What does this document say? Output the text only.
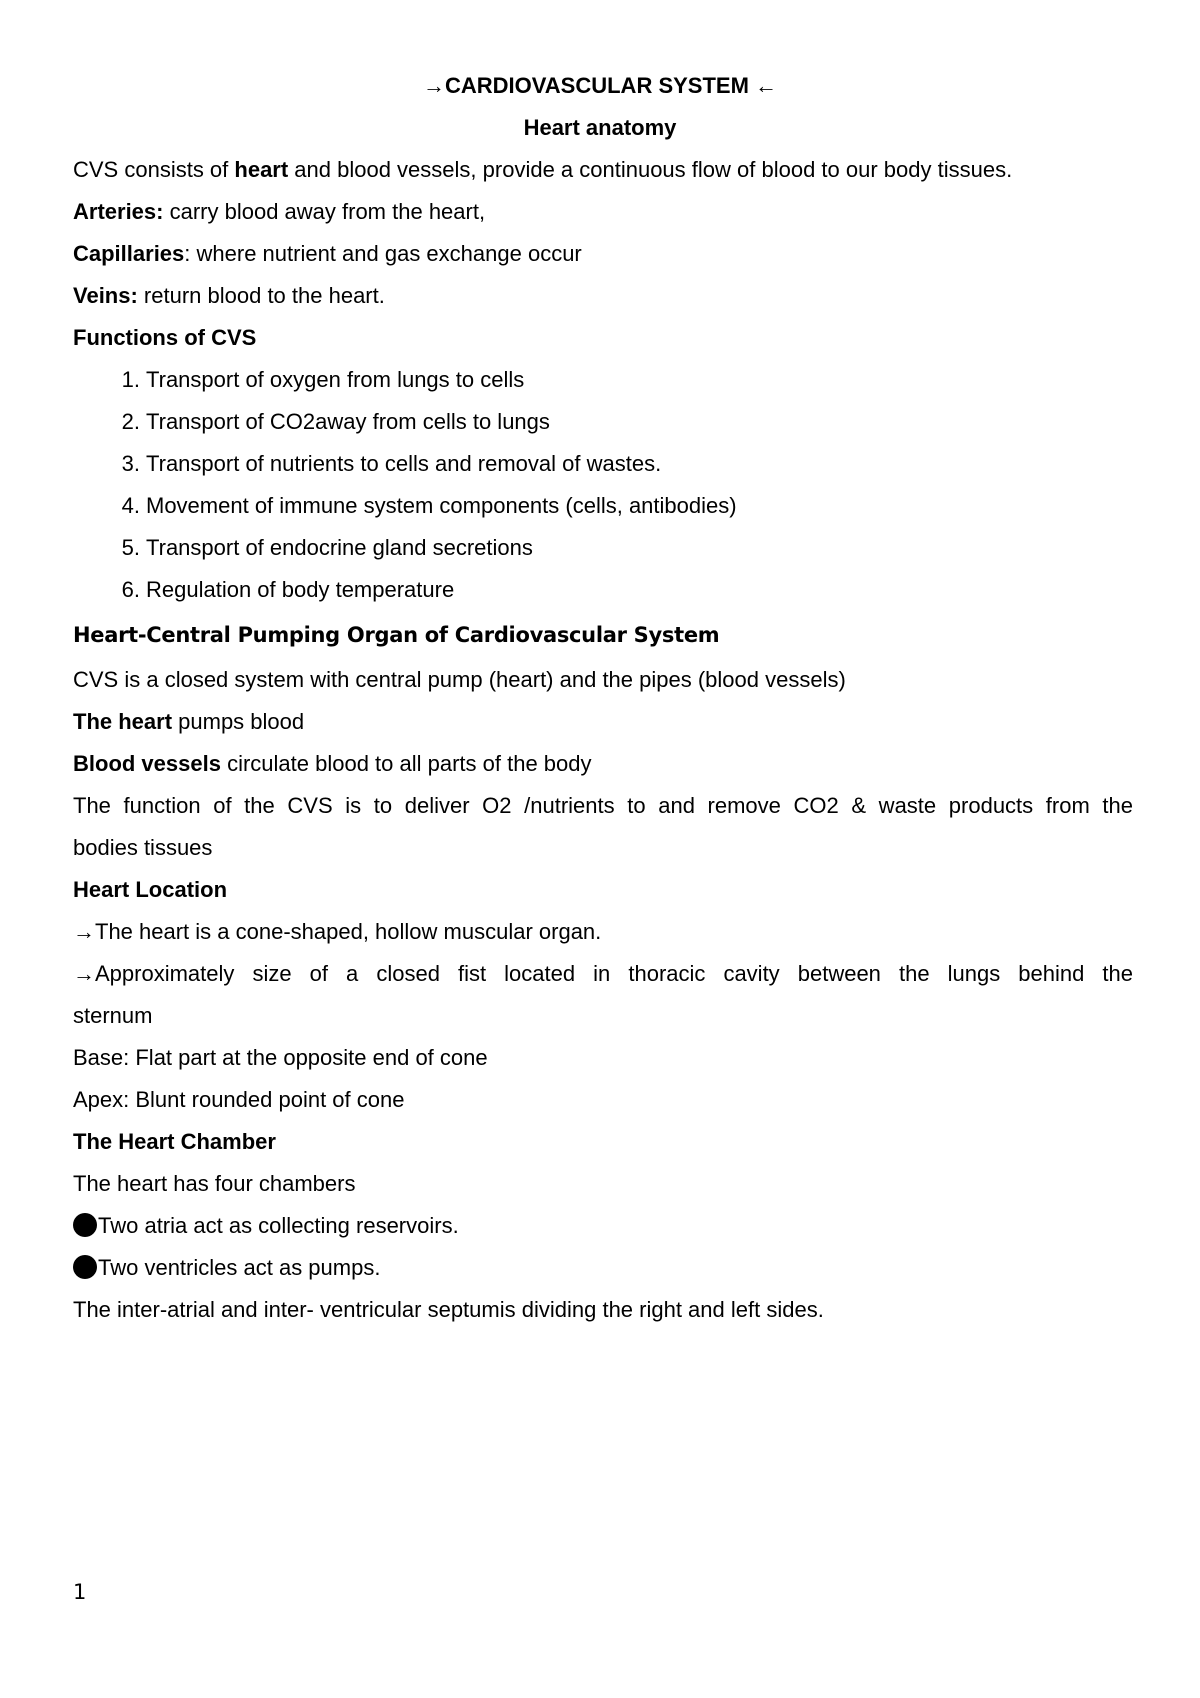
→CARDIOVASCULAR SYSTEM ←
Heart anatomy
CVS consists of heart and blood vessels, provide a continuous flow of blood to our body tissues.
Arteries: carry blood away from the heart,
Capillaries: where nutrient and gas exchange occur
Veins: return blood to the heart.
Functions of CVS
1. Transport of oxygen from lungs to cells
2. Transport of CO2away from cells to lungs
3. Transport of nutrients to cells and removal of wastes.
4. Movement of immune system components (cells, antibodies)
5. Transport of endocrine gland secretions
6. Regulation of body temperature
Heart-Central Pumping Organ of Cardiovascular System
CVS is a closed system with central pump (heart) and the pipes (blood vessels)
The heart pumps blood
Blood vessels circulate blood to all parts of the body
The function of the CVS is to deliver O2 /nutrients to and remove CO2 & waste products from the
bodies tissues
Heart Location
→The heart is a cone-shaped, hollow muscular organ.
→Approximately size of a closed fist located in thoracic cavity between the lungs behind the
sternum
Base: Flat part at the opposite end of cone
Apex: Blunt rounded point of cone
The Heart Chamber
The heart has four chambers
Two atria act as collecting reservoirs.
Two ventricles act as pumps.
The inter-atrial and inter- ventricular septumis dividing the right and left sides.
1
